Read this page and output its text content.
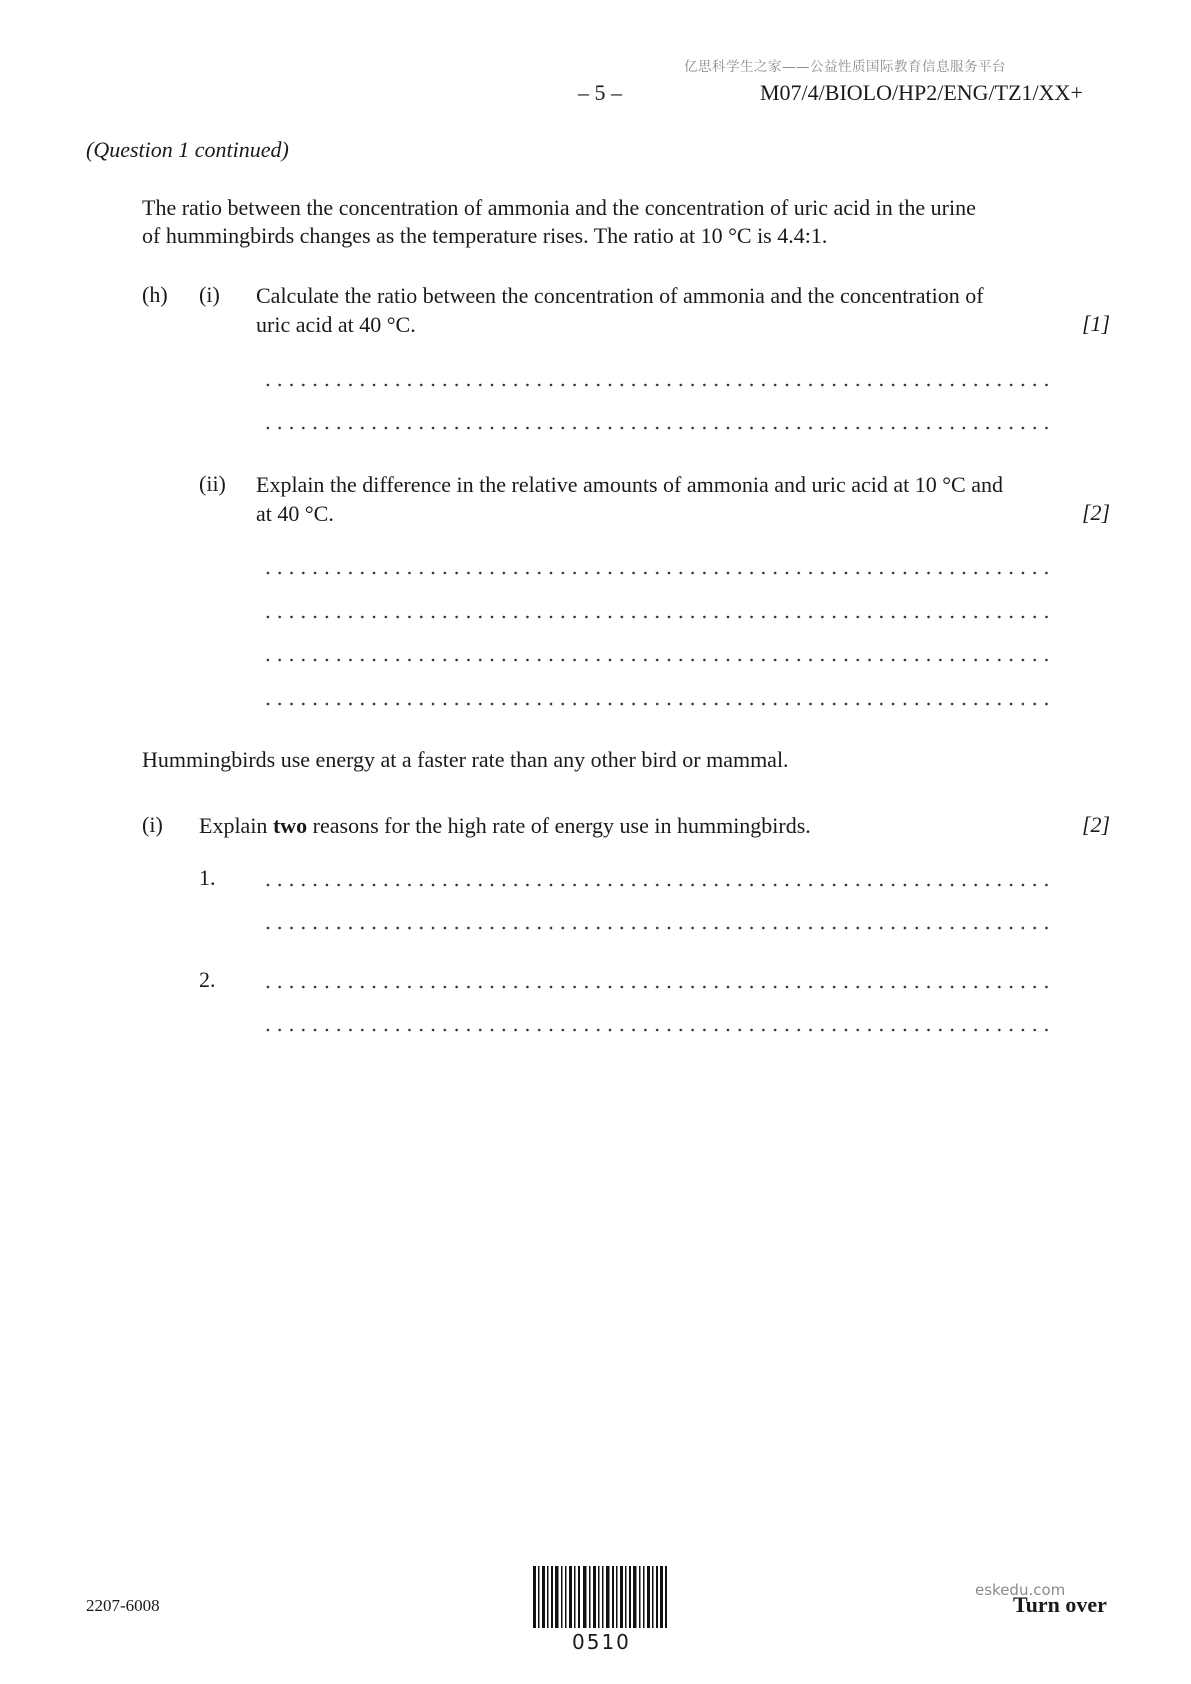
亿思科学生之家——公益性质国际教育信息服务平台
– 5 –	M07/4/BIOLO/HP2/ENG/TZ1/XX+
(Question 1 continued)
The ratio between the concentration of ammonia and the concentration of uric acid in the urine
of hummingbirds changes as the temperature rises. The ratio at 10 °C is 4.4:1.
(h) (i) Calculate the ratio between the concentration of ammonia and the concentration of
uric acid at 40 °C.	[1]
(ii) Explain the difference in the relative amounts of ammonia and uric acid at 10 °C and
at 40 °C.	[2]
Hummingbirds use energy at a faster rate than any other bird or mammal.
(i) Explain two reasons for the high rate of energy use in hummingbirds.	[2]
1.
2.
2207-6008
0510
eskedu.com
Turn over
